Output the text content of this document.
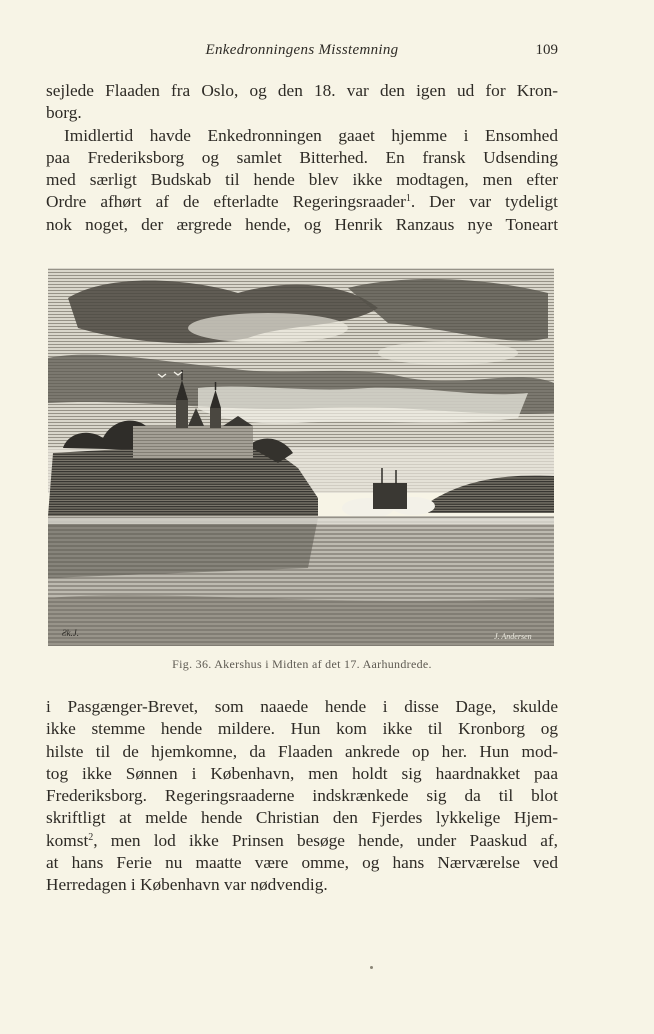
Enkedronningens Misstemning	109
sejlede Flaaden fra Oslo, og den 18. var den igen ud for Kron-
borg.
Imidlertid havde Enkedronningen gaaet hjemme i Ensomhed
paa Frederiksborg og samlet Bitterhed. En fransk Udsending
med særligt Budskab til hende blev ikke modtagen, men efter
Ordre afhørt af de efterladte Regeringsraader$^1$. Der var tydeligt
nok noget, der ærgrede hende, og Henrik Ranzaus nye Toneart
Ƨk.J.	J. Andersen
Fig. 36. Akershus i Midten af det 17. Aarhundrede.
i Pasgænger-Brevet, som naaede hende i disse Dage, skulde
ikke stemme hende mildere. Hun kom ikke til Kronborg og
hilste til de hjemkomne, da Flaaden ankrede op her. Hun mod-
tog ikke Sønnen i København, men holdt sig haardnakket paa
Frederiksborg. Regeringsraaderne indskrænkede sig da til blot
skriftligt at melde hende Christian den Fjerdes lykkelige Hjem-
komst$^2$, men lod ikke Prinsen besøge hende, under Paaskud af,
at hans Ferie nu maatte være omme, og hans Nærværelse ved
Herredagen i København var nødvendig.
